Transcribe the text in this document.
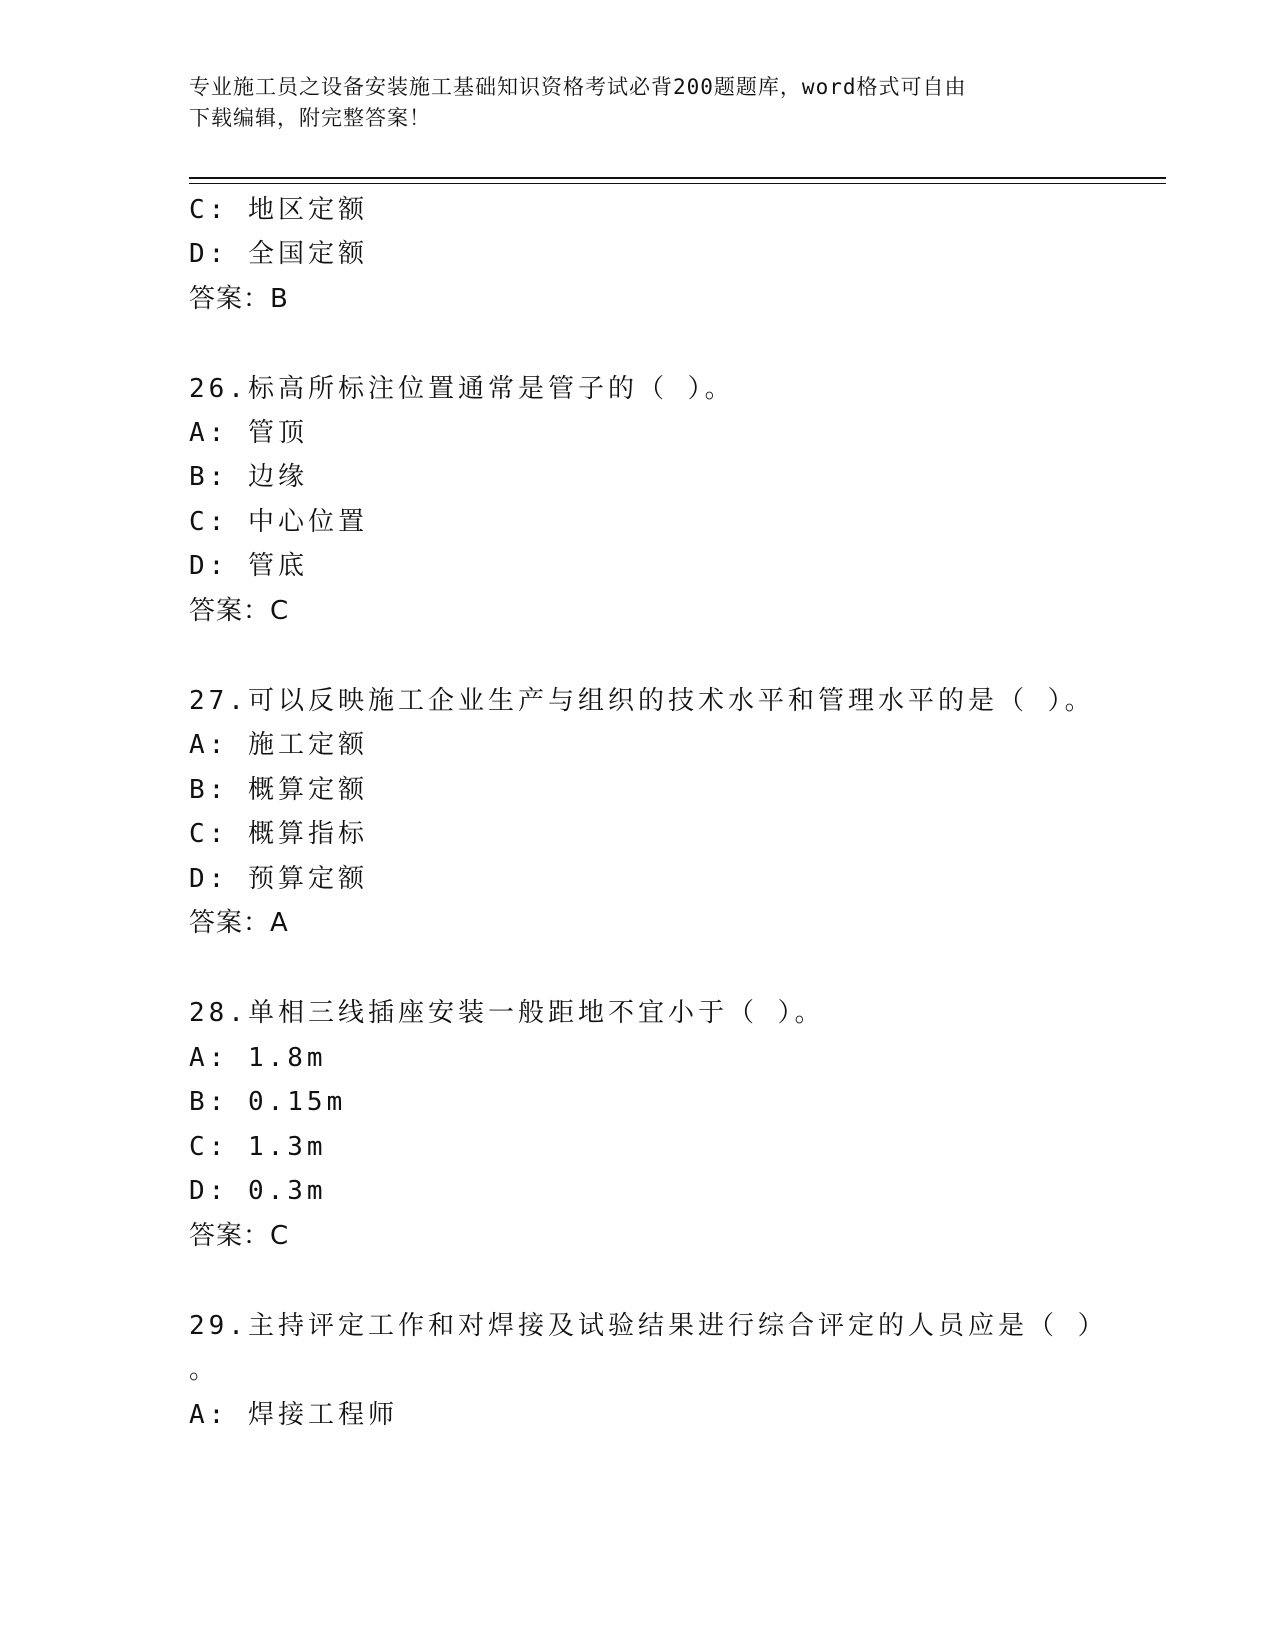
专业施工员之设备安装施工基础知识资格考试必背200题题库，word格式可自由
下载编辑，附完整答案！
C: 地区定额
D: 全国定额
答案：B
26.标高所标注位置通常是管子的（ ）。
A: 管顶
B: 边缘
C: 中心位置
D: 管底
答案：C
27.可以反映施工企业生产与组织的技术水平和管理水平的是（ ）。
A: 施工定额
B: 概算定额
C: 概算指标
D: 预算定额
答案：A
28.单相三线插座安装一般距地不宜小于（ ）。
A: 1.8m
B: 0.15m
C: 1.3m
D: 0.3m
答案：C
29.主持评定工作和对焊接及试验结果进行综合评定的人员应是（ ）
。
A: 焊接工程师
